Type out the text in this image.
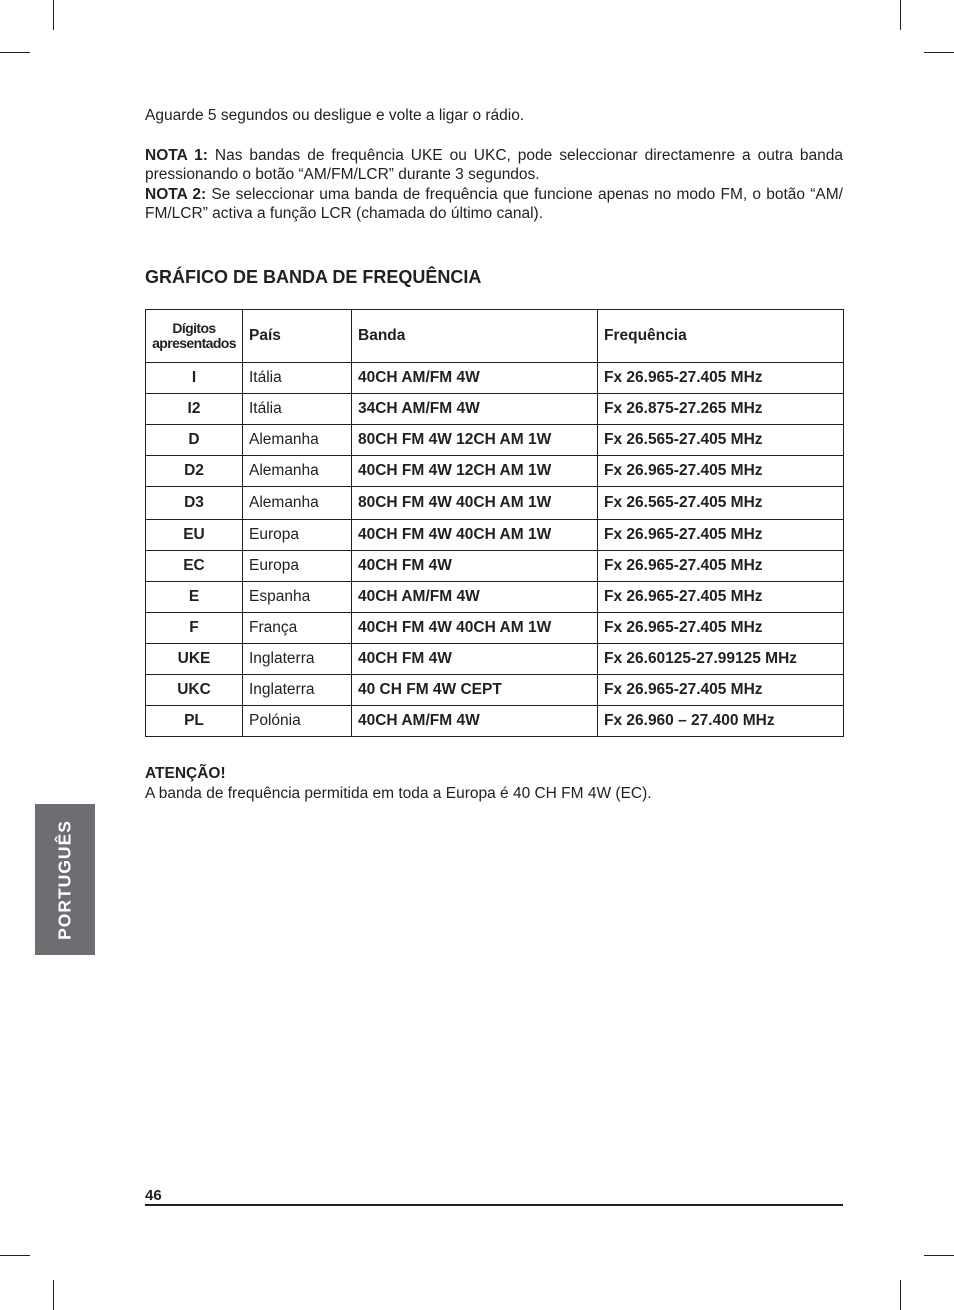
Aguarde 5 segundos ou desligue e volte a ligar o rádio.

NOTA 1: Nas bandas de frequência UKE ou UKC, pode seleccionar directamenre a outra banda pressionando o botão “AM/FM/LCR” durante 3 segundos.

NOTA 2: Se seleccionar uma banda de frequência que funcione apenas no modo FM, o botão “AM/ FM/LCR” activa a função LCR (chamada do último canal).

GRÁFICO DE BANDA DE FREQUÊNCIA
Dígitos
apresentados	País	Banda	Frequência
I	Itália	40CH AM/FM 4W	Fx 26.965-27.405 MHz
I2	Itália	34CH AM/FM 4W	Fx 26.875-27.265 MHz
D	Alemanha	80CH FM 4W 12CH AM 1W	Fx 26.565-27.405 MHz
D2	Alemanha	40CH FM 4W 12CH AM 1W	Fx 26.965-27.405 MHz
D3	Alemanha	80CH FM 4W 40CH AM 1W	Fx 26.565-27.405 MHz
EU	Europa	40CH FM 4W 40CH AM 1W	Fx 26.965-27.405 MHz
EC	Europa	40CH FM 4W	Fx 26.965-27.405 MHz
E	Espanha	40CH AM/FM 4W	Fx 26.965-27.405 MHz
F	França	40CH FM 4W 40CH AM 1W	Fx 26.965-27.405 MHz
UKE	Inglaterra	40CH FM 4W	Fx 26.60125-27.99125 MHz
UKC	Inglaterra	40 CH FM 4W CEPT	Fx 26.965-27.405 MHz
PL	Polónia	40CH AM/FM 4W	Fx 26.960 – 27.400 MHz

ATENÇÃO!

A banda de frequência permitida em toda a Europa é 40 CH FM 4W (EC).

PORTUGUÊS
46
